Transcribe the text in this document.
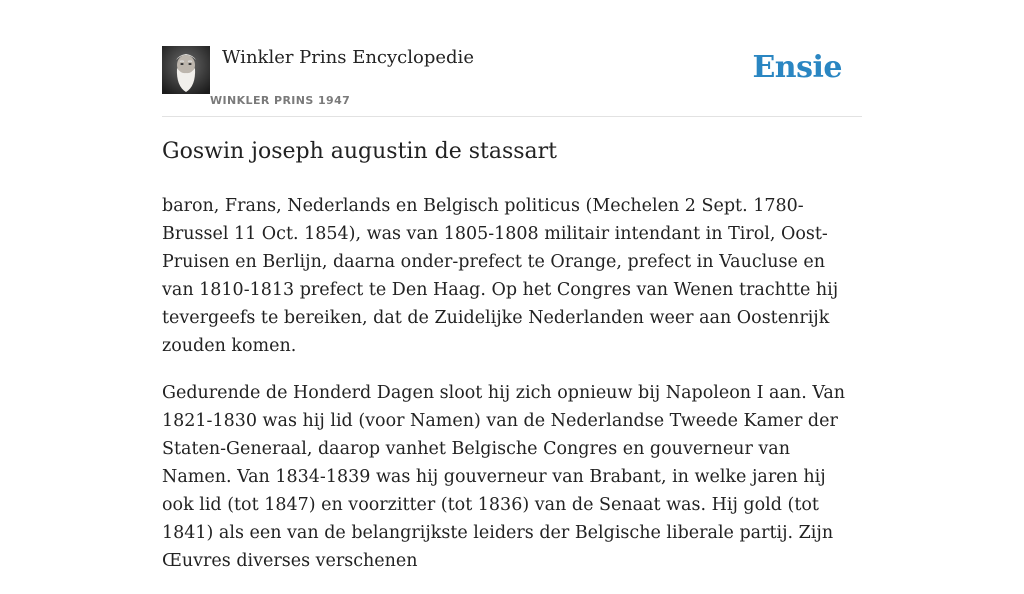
Winkler Prins Encyclopedie
WINKLER PRINS 1947
Ensie
Goswin joseph augustin de stassart

baron, Frans, Nederlands en Belgisch politicus (Mechelen 2 Sept. 1780-Brussel 11 Oct. 1854), was van 1805-1808 militair intendant in Tirol, Oost-Pruisen en Berlijn, daarna onder-prefect te Orange, prefect in Vaucluse en van 1810-1813 prefect te Den Haag. Op het Congres van Wenen trachtte hij tevergeefs te bereiken, dat de Zuidelijke Nederlanden weer aan Oostenrijk zouden komen.

Gedurende de Honderd Dagen sloot hij zich opnieuw bij Napoleon I aan. Van 1821-1830 was hij lid (voor Namen) van de Nederlandse Tweede Kamer der Staten-Generaal, daarop vanhet Belgische Congres en gouverneur van Namen. Van 1834-1839 was hij gouverneur van Brabant, in welke jaren hij ook lid (tot 1847) en voorzitter (tot 1836) van de Senaat was. Hij gold (tot 1841) als een van de belangrijkste leiders der Belgische liberale partij. Zijn Œuvres diverses verschenen
